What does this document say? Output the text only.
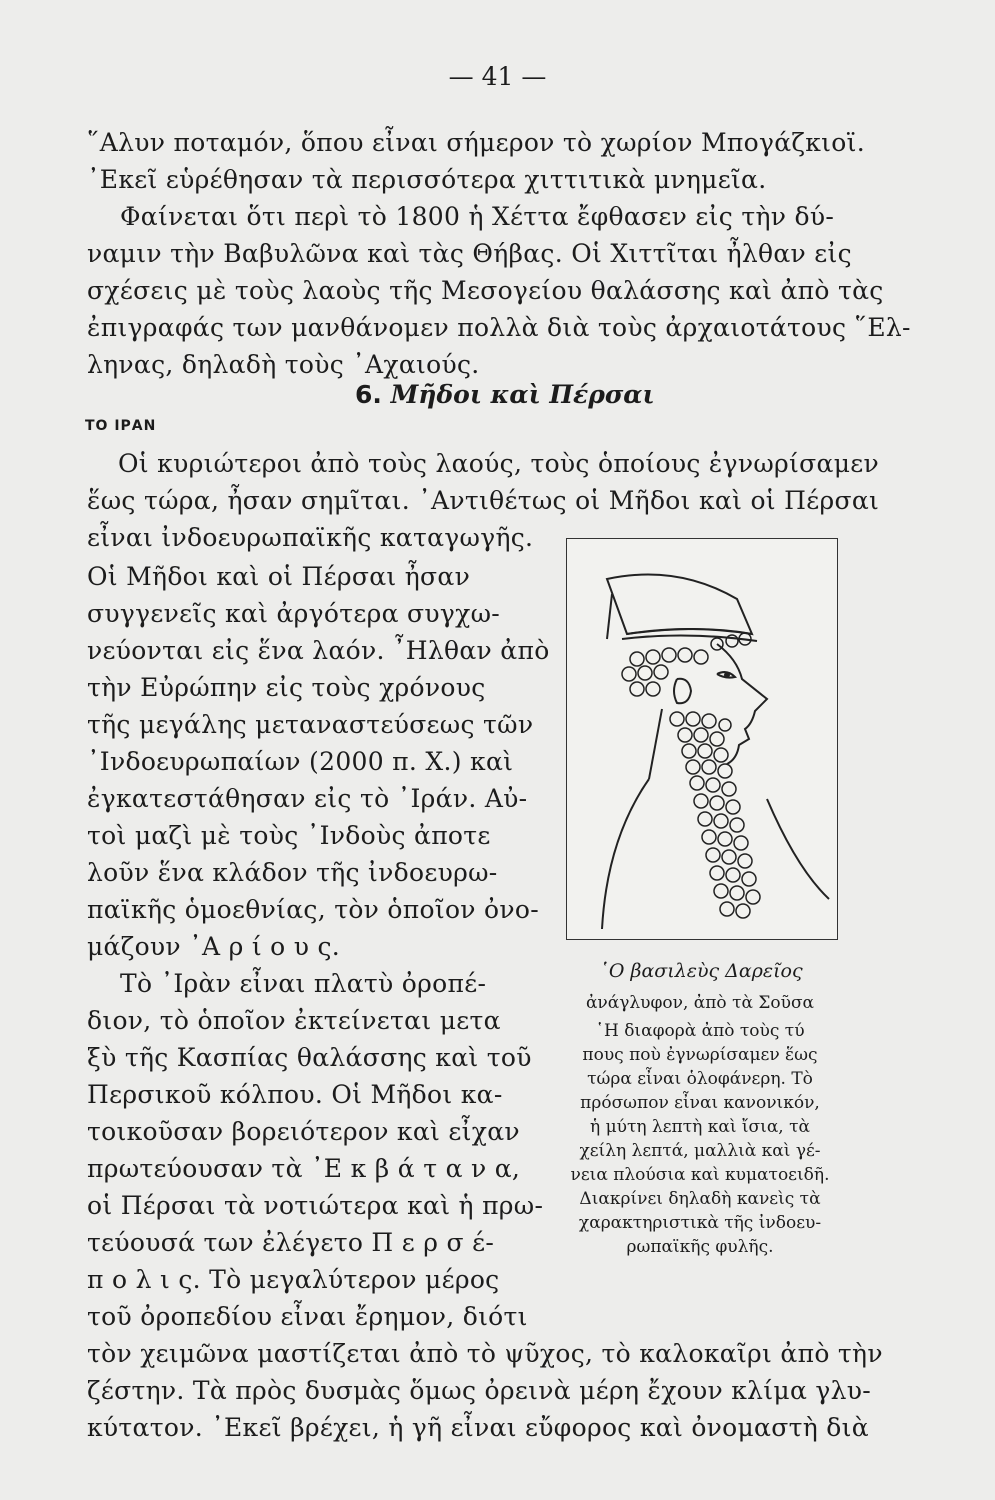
— 41 —
῞Αλυν ποταμόν, ὅπου εἶναι σήμερον τὸ χωρίον Μπογάζκιοϊ.
᾿Εκεῖ εὑρέθησαν τὰ περισσότερα χιττιτικὰ μνημεῖα.
Φαίνεται ὅτι περὶ τὸ 1800 ἡ Χέττα ἔφθασεν εἰς τὴν δύ-
ναμιν τὴν Βαβυλῶνα καὶ τὰς Θήβας. Οἱ Χιττῖται ἦλθαν εἰς
σχέσεις μὲ τοὺς λαοὺς τῆς Μεσογείου θαλάσσης καὶ ἀπὸ τὰς
ἐπιγραφάς των μανθάνομεν πολλὰ διὰ τοὺς ἀρχαιοτάτους ῞Ελ-
ληνας, δηλαδὴ τοὺς ᾿Αχαιούς.
6. Μῆδοι καὶ Πέρσαι
ΤΟ ΙΡΑΝ
Οἱ κυριώτεροι ἀπὸ τοὺς λαούς, τοὺς ὁποίους ἐγνωρίσαμεν
ἕως τώρα, ἦσαν σημῖται. ᾿Αντιθέτως οἱ Μῆδοι καὶ οἱ Πέρσαι
εἶναι ἰνδοευρωπαϊκῆς καταγωγῆς.
Οἱ Μῆδοι καὶ οἱ Πέρσαι ἦσαν
συγγενεῖς καὶ ἀργότερα συγχω-
νεύονται εἰς ἕνα λαόν. ῏Ηλθαν ἀπὸ
τὴν Εὐρώπην εἰς τοὺς χρόνους
τῆς μεγάλης μεταναστεύσεως τῶν
᾿Ινδοευρωπαίων (2000 π. Χ.) καὶ
ἐγκατεστάθησαν εἰς τὸ ᾿Ιράν. Αὐ-
τοὶ μαζὶ μὲ τοὺς ᾿Ινδοὺς ἀποτε
λοῦν ἕνα κλάδον τῆς ἰνδοευρω-
παϊκῆς ὁμοεθνίας, τὸν ὁποῖον ὀνο-
μάζουν ᾿Α ρ ί ο υ ς.
Τὸ ᾿Ιρὰν εἶναι πλατὺ ὀροπέ-
διον, τὸ ὁποῖον ἐκτείνεται μετα
ξὺ τῆς Κασπίας θαλάσσης καὶ τοῦ
Περσικοῦ κόλπου. Οἱ Μῆδοι κα-
τοικοῦσαν βορειότερον καὶ εἶχαν
πρωτεύουσαν τὰ ᾿Ε κ β ά τ α ν α,
οἱ Πέρσαι τὰ νοτιώτερα καὶ ἡ πρω-
τεύουσά των ἐλέγετο Π ε ρ σ έ-
π ο λ ι ς. Τὸ μεγαλύτερον μέρος
τοῦ ὀροπεδίου εἶναι ἔρημον, διότι
τὸν χειμῶνα μαστίζεται ἀπὸ τὸ ψῦχος, τὸ καλοκαῖρι ἀπὸ τὴν
ζέστην. Τὰ πρὸς δυσμὰς ὅμως ὀρεινὰ μέρη ἔχουν κλίμα γλυ-
κύτατον. ᾿Εκεῖ βρέχει, ἡ γῆ εἶναι εὔφορος καὶ ὀνομαστὴ διὰ
῾Ο βασιλεὺς Δαρεῖος
ἀνάγλυφον, ἀπὸ τὰ Σοῦσα
῾Η διαφορὰ ἀπὸ τοὺς τύ
πους ποὺ ἐγνωρίσαμεν ἕως
τώρα εἶναι ὁλοφάνερη. Τὸ
πρόσωπον εἶναι κανονικόν,
ἡ μύτη λεπτὴ καὶ ἴσια, τὰ
χείλη λεπτά, μαλλιὰ καὶ γέ-
νεια πλούσια καὶ κυματοειδῆ.
Διακρίνει δηλαδὴ κανεὶς τὰ
χαρακτηριστικὰ τῆς ἰνδοευ-
ρωπαϊκῆς φυλῆς.
